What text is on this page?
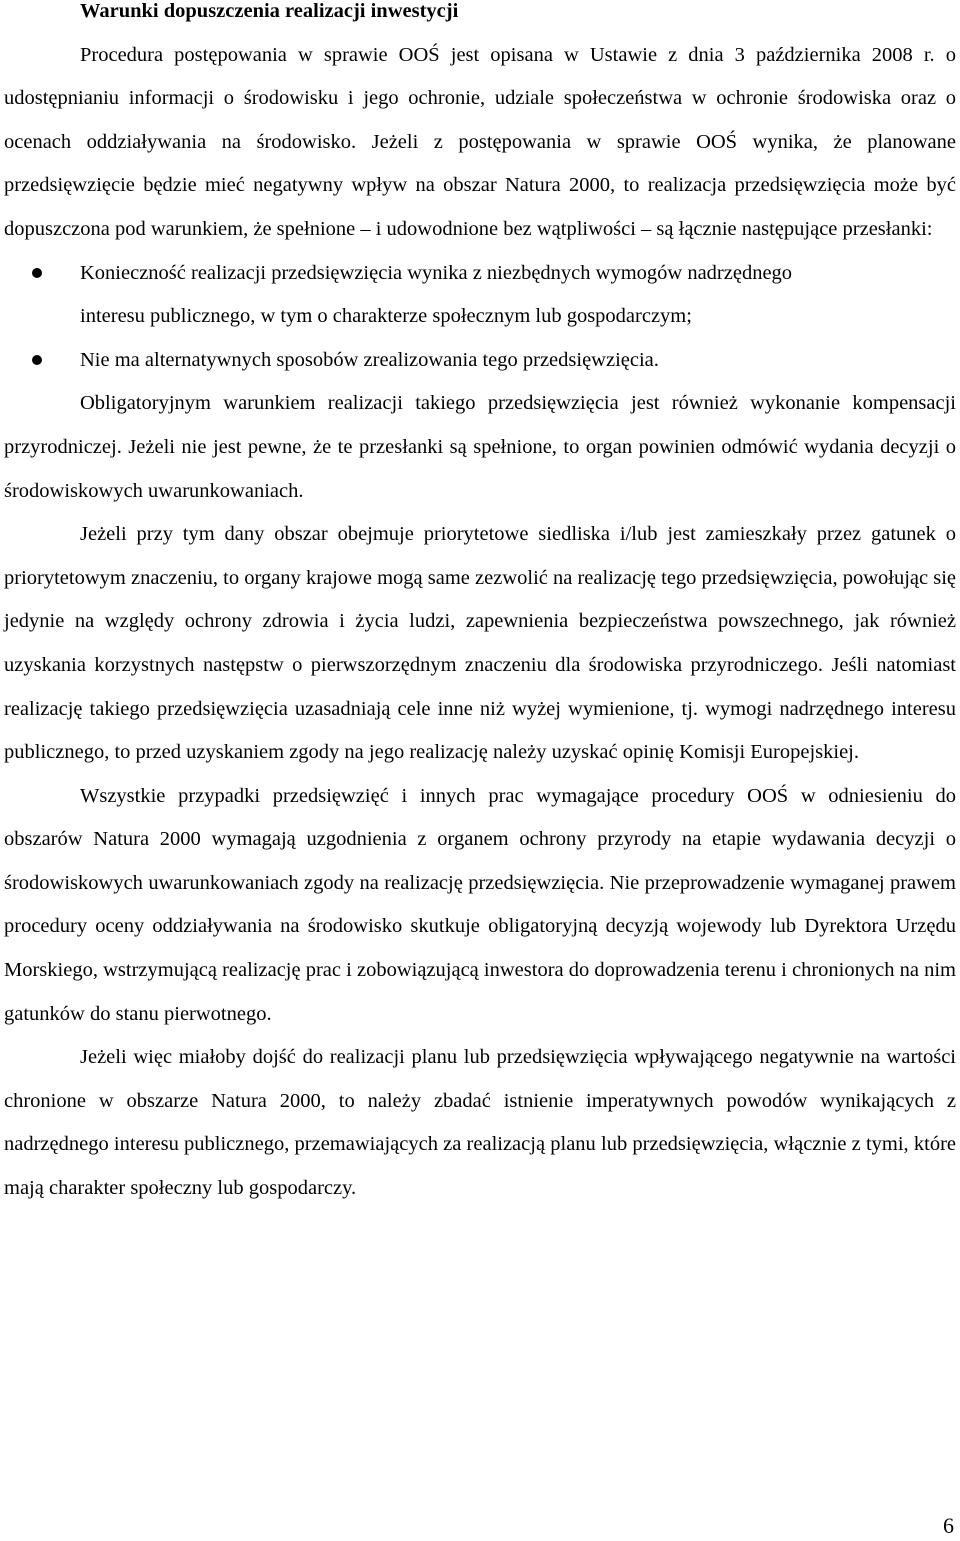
Warunki dopuszczenia realizacji inwestycji

Procedura postępowania w sprawie OOŚ jest opisana w Ustawie z dnia 3 października 2008 r. o udostępnianiu informacji o środowisku i jego ochronie, udziale społeczeństwa w ochronie środowiska oraz o ocenach oddziaływania na środowisko. Jeżeli z postępowania w sprawie OOŚ wynika, że planowane przedsięwzięcie będzie mieć negatywny wpływ na obszar Natura 2000, to realizacja przedsięwzięcia może być dopuszczona pod warunkiem, że spełnione – i udowodnione bez wątpliwości – są łącznie następujące przesłanki:

Konieczność realizacji przedsięwzięcia wynika z niezbędnych wymogów nadrzędnego interesu publicznego, w tym o charakterze społecznym lub gospodarczym;
Nie ma alternatywnych sposobów zrealizowania tego przedsięwzięcia.

Obligatoryjnym warunkiem realizacji takiego przedsięwzięcia jest również wykonanie kompensacji przyrodniczej. Jeżeli nie jest pewne, że te przesłanki są spełnione, to organ powinien odmówić wydania decyzji o środowiskowych uwarunkowaniach.

Jeżeli przy tym dany obszar obejmuje priorytetowe siedliska i/lub jest zamieszkały przez gatunek o priorytetowym znaczeniu, to organy krajowe mogą same zezwolić na realizację tego przedsięwzięcia, powołując się jedynie na względy ochrony zdrowia i życia ludzi, zapewnienia bezpieczeństwa powszechnego, jak również uzyskania korzystnych następstw o pierwszorzędnym znaczeniu dla środowiska przyrodniczego. Jeśli natomiast realizację takiego przedsięwzięcia uzasadniają cele inne niż wyżej wymienione, tj. wymogi nadrzędnego interesu publicznego, to przed uzyskaniem zgody na jego realizację należy uzyskać opinię Komisji Europejskiej.

Wszystkie przypadki przedsięwzięć i innych prac wymagające procedury OOŚ w odniesieniu do obszarów Natura 2000 wymagają uzgodnienia z organem ochrony przyrody na etapie wydawania decyzji o środowiskowych uwarunkowaniach zgody na realizację przedsięwzięcia. Nie przeprowadzenie wymaganej prawem procedury oceny oddziaływania na środowisko skutkuje obligatoryjną decyzją wojewody lub Dyrektora Urzędu Morskiego, wstrzymującą realizację prac i zobowiązującą inwestora do doprowadzenia terenu i chronionych na nim gatunków do stanu pierwotnego.

Jeżeli więc miałoby dojść do realizacji planu lub przedsięwzięcia wpływającego negatywnie na wartości chronione w obszarze Natura 2000, to należy zbadać istnienie imperatywnych powodów wynikających z nadrzędnego interesu publicznego, przemawiających za realizacją planu lub przedsięwzięcia, włącznie z tymi, które mają charakter społeczny lub gospodarczy.

6
